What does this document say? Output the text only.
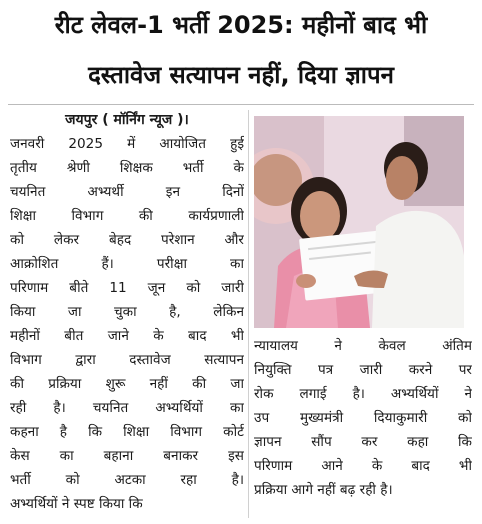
रीट लेवल-1 भर्ती 2025: महीनों बाद भी
दस्तावेज सत्यापन नहीं, दिया ज्ञापन
जयपुर ( मॉर्निंग न्यूज )।
जनवरी 2025 में आयोजित हुई
तृतीय श्रेणी शिक्षक भर्ती के
चयनित अभ्यर्थी इन दिनों
शिक्षा विभाग की कार्यप्रणाली
को लेकर बेहद परेशान और
आक्रोशित हैं। परीक्षा का
परिणाम बीते 11 जून को जारी
किया जा चुका है, लेकिन
महीनों बीत जाने के बाद भी
विभाग द्वारा दस्तावेज सत्यापन
की प्रक्रिया शुरू नहीं की जा
रही है। चयनित अभ्यर्थियों का
कहना है कि शिक्षा विभाग कोर्ट
केस का बहाना बनाकर इस
भर्ती को अटका रहा है।
अभ्यर्थियों ने स्पष्ट किया कि
न्यायालय ने केवल अंतिम
नियुक्ति पत्र जारी करने पर
रोक लगाई है। अभ्यर्थियों ने
उप मुख्यमंत्री दियाकुमारी को
ज्ञापन सौंप कर कहा कि
परिणाम आने के बाद भी
प्रक्रिया आगे नहीं बढ़ रही है।
